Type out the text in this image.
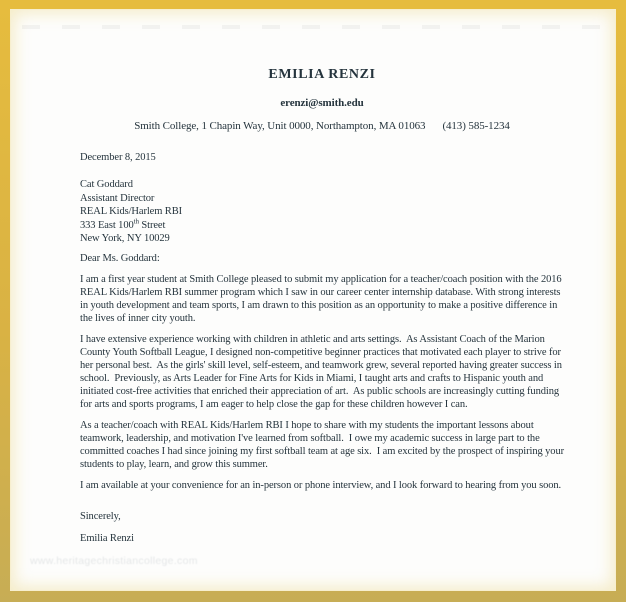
EMILIA RENZI
erenzi@smith.edu
Smith College, 1 Chapin Way, Unit 0000, Northampton, MA 01063 (413) 585-1234
December 8, 2015
Cat Goddard
Assistant Director
REAL Kids/Harlem RBI
333 East 100th Street
New York, NY 10029
Dear Ms. Goddard:

I am a first year student at Smith College pleased to submit my application for a teacher/coach position with the 2016 REAL Kids/Harlem RBI summer program which I saw in our career center internship database. With strong interests in youth development and team sports, I am drawn to this position as an opportunity to make a positive difference in the lives of inner city youth.

I have extensive experience working with children in athletic and arts settings.  As Assistant Coach of the Marion County Youth Softball League, I designed non-competitive beginner practices that motivated each player to strive for her personal best.  As the girls' skill level, self-esteem, and teamwork grew, several reported having greater success in school.  Previously, as Arts Leader for Fine Arts for Kids in Miami, I taught arts and crafts to Hispanic youth and initiated cost-free activities that enriched their appreciation of art.  As public schools are increasingly cutting funding for arts and sports programs, I am eager to help close the gap for these children however I can.

As a teacher/coach with REAL Kids/Harlem RBI I hope to share with my students the important lessons about teamwork, leadership, and motivation I've learned from softball.  I owe my academic success in large part to the committed coaches I had since joining my first softball team at age six.  I am excited by the prospect of inspiring your students to play, learn, and grow this summer.

I am available at your convenience for an in-person or phone interview, and I look forward to hearing from you soon.

Sincerely,
Emilia Renzi
www.heritagechristiancollege.com
